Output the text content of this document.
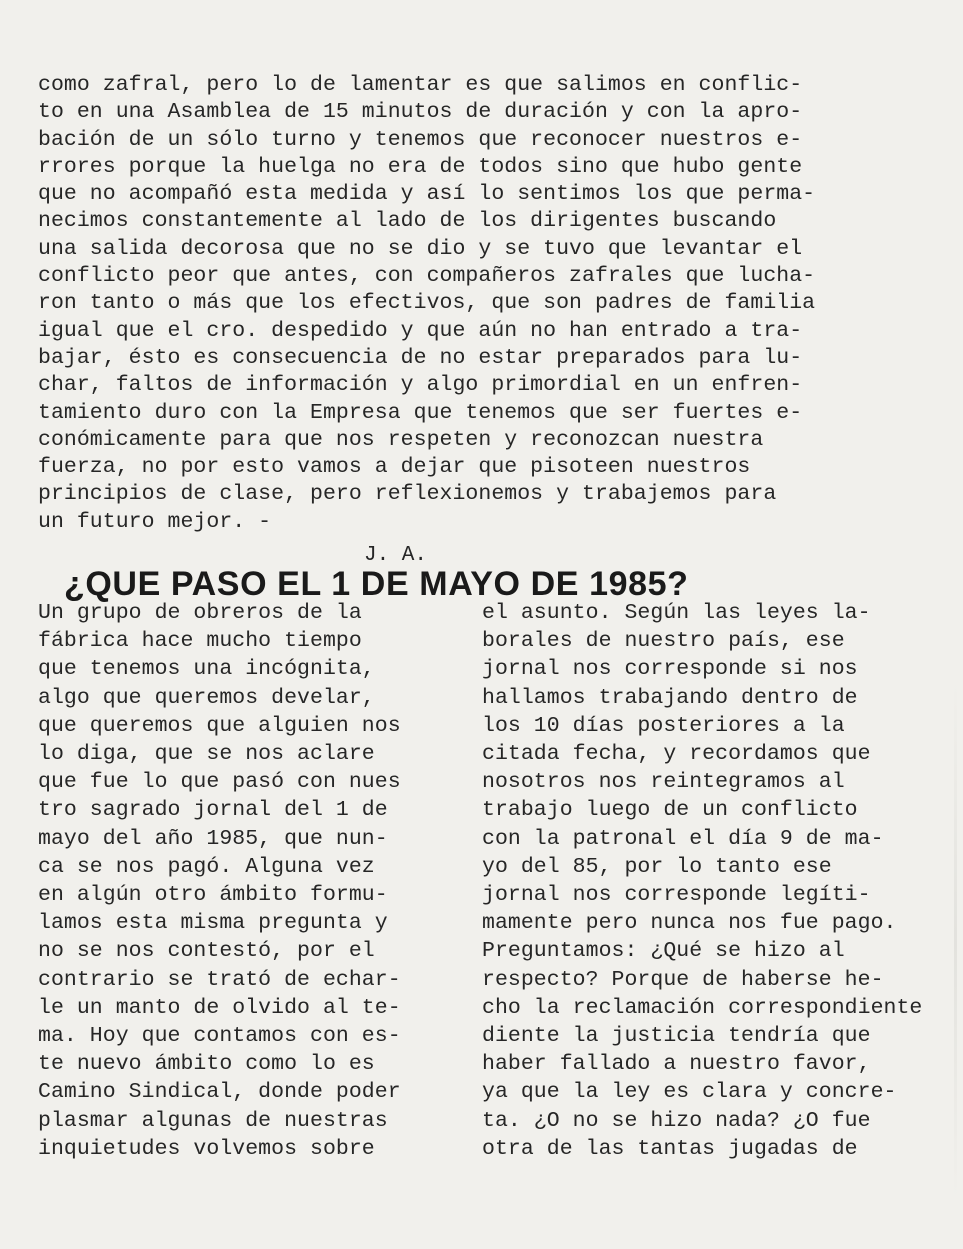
como zafral, pero lo de lamentar es que salimos en conflic-
to en una Asamblea de 15 minutos de duración y con la apro-
bación de un sólo turno y tenemos que reconocer nuestros e-
rrores porque la huelga no era de todos sino que hubo gente
que no acompañó esta medida y así lo sentimos los que perma-
necimos constantemente al lado de los dirigentes buscando
una salida decorosa que no se dio y se tuvo que levantar el
conflicto peor que antes, con compañeros zafrales que lucha-
ron tanto o más que los efectivos, que son padres de familia
igual que el cro. despedido y que aún no han entrado a tra-
bajar, ésto es consecuencia de no estar preparados para lu-
char, faltos de información y algo primordial en un enfren-
tamiento duro con la Empresa que tenemos que ser fuertes e-
conómicamente para que nos respeten y reconozcan nuestra
fuerza, no por esto vamos a dejar que pisoteen nuestros
principios de clase, pero reflexionemos y trabajemos para
un futuro mejor. -
J. A.
¿QUE PASO EL 1 DE MAYO DE 1985?
Un grupo de obreros de la
fábrica hace mucho tiempo
que tenemos una incógnita,
algo que queremos develar,
que queremos que alguien nos
lo diga, que se nos aclare
que fue lo que pasó con nues
tro sagrado jornal del 1 de
mayo del año 1985, que nun-
ca se nos pagó. Alguna vez
en algún otro ámbito formu-
lamos esta misma pregunta y
no se nos contestó, por el
contrario se trató de echar-
le un manto de olvido al te-
ma. Hoy que contamos con es-
te nuevo ámbito como lo es
Camino Sindical, donde poder
plasmar algunas de nuestras
inquietudes volvemos sobre
el asunto. Según las leyes la-
borales de nuestro país, ese
jornal nos corresponde si nos
hallamos trabajando dentro de
los 10 días posteriores a la
citada fecha, y recordamos que
nosotros nos reintegramos al
trabajo luego de un conflicto
con la patronal el día 9 de ma-
yo del 85, por lo tanto ese
jornal nos corresponde legíti-
mamente pero nunca nos fue pago.
Preguntamos: ¿Qué se hizo al
respecto? Porque de haberse he-
cho la reclamación correspondiente
diente la justicia tendría que
haber fallado a nuestro favor,
ya que la ley es clara y concre-
ta. ¿O no se hizo nada? ¿O fue
otra de las tantas jugadas de
